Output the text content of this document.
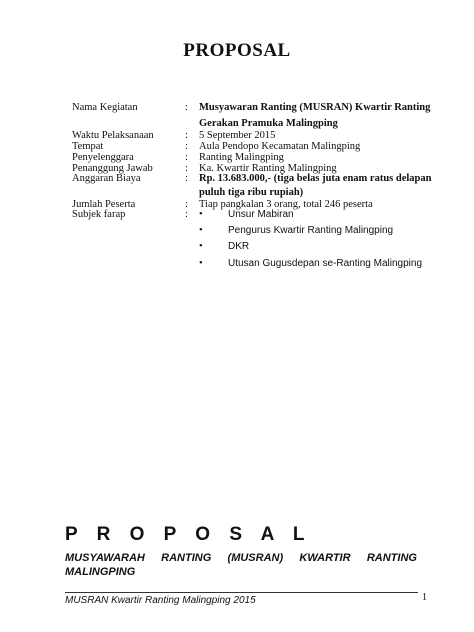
PROPOSAL
Nama Kegiatan	: Musyawaran Ranting (MUSRAN) Kwartir Ranting
Gerakan Pramuka Malingping
Waktu Pelaksanaan	: 5 September 2015
Tempat	: Aula Pendopo Kecamatan Malingping
Penyelenggara	: Ranting Malingping
Penanggung Jawab	: Ka. Kwartir Ranting Malingping
Anggaran Biaya	: Rp. 13.683.000,- (tiga belas juta enam ratus delapan
puluh tiga ribu rupiah)
Jumlah Peserta	: Tiap pangkalan 3 orang, total 246 peserta
Subjek farap	: •	Unsur Mabiran
•	Pengurus Kwartir Ranting Malingping
•	DKR
•	Utusan Gugusdepan se-Ranting Malingping
P R O P O S A L
MUSYAWARAH RANTING (MUSRAN) KWARTIR RANTING
MALINGPING
MUSRAN Kwartir Ranting Malingping 2015	1
